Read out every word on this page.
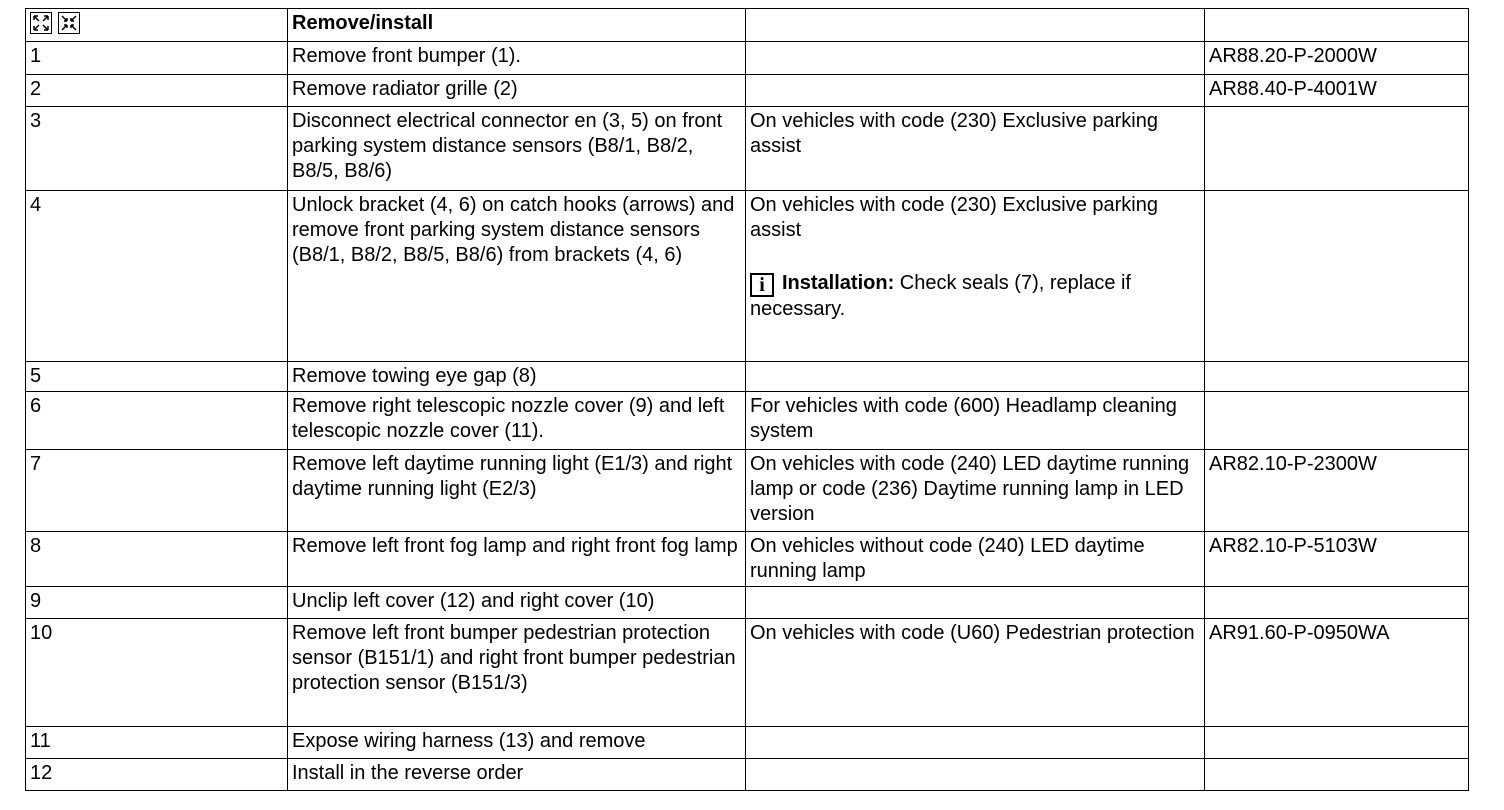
	Remove/install		
1	Remove front bumper (1).		AR88.20-P-2000W
2	Remove radiator grille (2)		AR88.40-P-4001W
3	Disconnect electrical connector en (3, 5) on front parking system distance sensors (B8/1, B8/2, B8/5, B8/6)	On vehicles with code (230) Exclusive parking assist	
4	Unlock bracket (4, 6) on catch hooks (arrows) and remove front parking system distance sensors (B8/1, B8/2, B8/5, B8/6) from brackets (4, 6)	On vehicles with code (230) Exclusive parking assist
i Installation: Check seals (7), replace if necessary.	

5	Remove towing eye gap (8)		
6	Remove right telescopic nozzle cover (9) and left telescopic nozzle cover (11).	For vehicles with code (600) Headlamp cleaning system	
7	Remove left daytime running light (E1/3) and right daytime running light (E2/3)	On vehicles with code (240) LED daytime running lamp or code (236) Daytime running lamp in LED version	AR82.10-P-2300W
8	Remove left front fog lamp and right front fog lamp	On vehicles without code (240) LED daytime running lamp	AR82.10-P-5103W
9	Unclip left cover (12) and right cover (10)		
10	Remove left front bumper pedestrian protection sensor (B151/1) and right front bumper pedestrian protection sensor (B151/3)	On vehicles with code (U60) Pedestrian protection	AR91.60-P-0950WA
11	Expose wiring harness (13) and remove		
12	Install in the reverse order		
